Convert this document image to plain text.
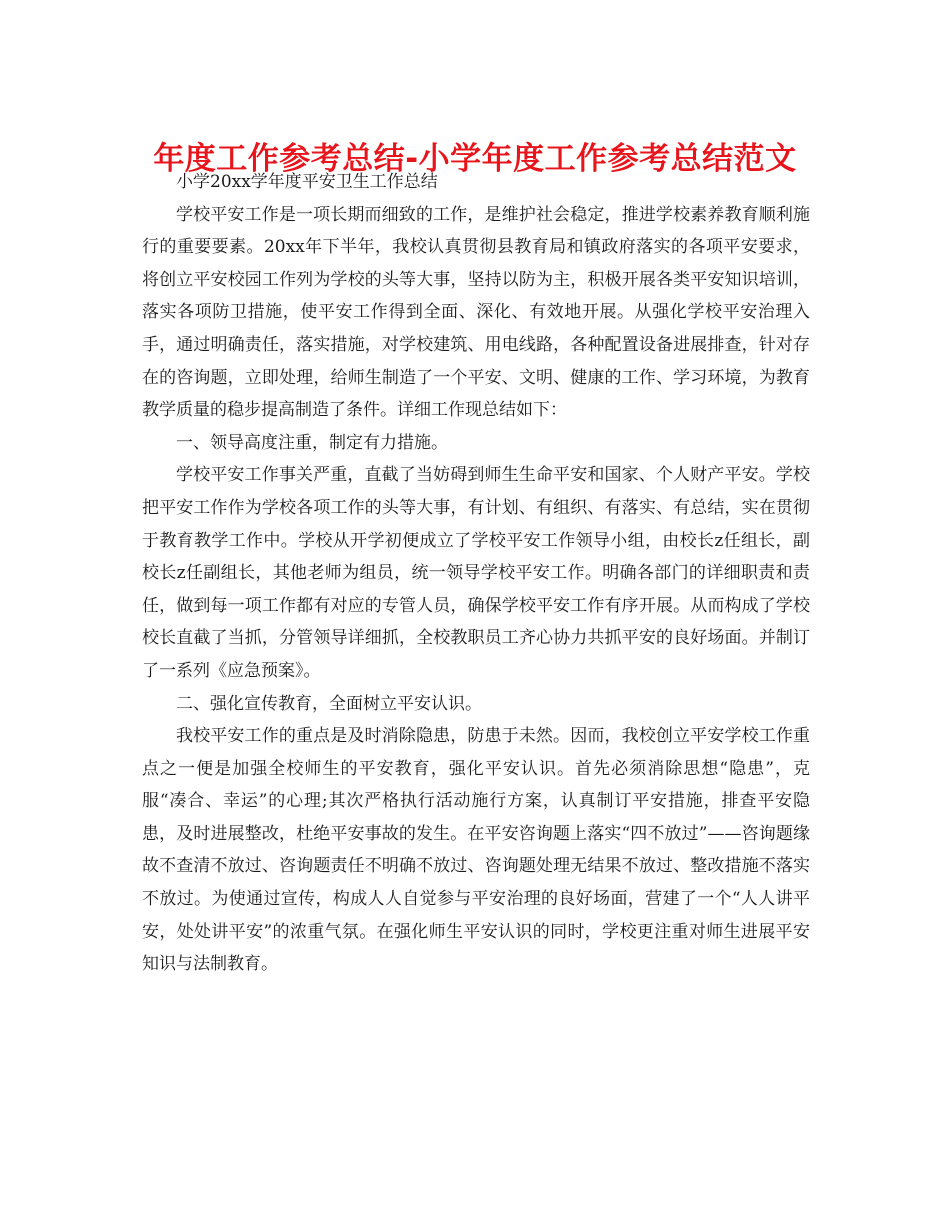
年度工作参考总结-小学年度工作参考总结范文

小学20xx学年度平安卫生工作总结

学校平安工作是一项长期而细致的工作，是维护社会稳定，推进学校素养教育顺利施行的重要要素。20xx年下半年，我校认真贯彻县教育局和镇政府落实的各项平安要求，将创立平安校园工作列为学校的头等大事，坚持以防为主，积极开展各类平安知识培训，落实各项防卫措施，使平安工作得到全面、深化、有效地开展。从强化学校平安治理入手，通过明确责任，落实措施，对学校建筑、用电线路，各种配置设备进展排查，针对存在的咨询题，立即处理，给师生制造了一个平安、文明、健康的工作、学习环境，为教育教学质量的稳步提高制造了条件。详细工作现总结如下：

一、领导高度注重，制定有力措施。

学校平安工作事关严重，直截了当妨碍到师生生命平安和国家、个人财产平安。学校把平安工作作为学校各项工作的头等大事，有计划、有组织、有落实、有总结，实在贯彻于教育教学工作中。学校从开学初便成立了学校平安工作领导小组，由校长z任组长，副校长z任副组长，其他老师为组员，统一领导学校平安工作。明确各部门的详细职责和责任，做到每一项工作都有对应的专管人员，确保学校平安工作有序开展。从而构成了学校校长直截了当抓，分管领导详细抓，全校教职员工齐心协力共抓平安的良好场面。并制订了一系列《应急预案》。

二、强化宣传教育，全面树立平安认识。

我校平安工作的重点是及时消除隐患，防患于未然。因而，我校创立平安学校工作重点之一便是加强全校师生的平安教育，强化平安认识。首先必须消除思想“隐患”，克服“凑合、幸运”的心理;其次严格执行活动施行方案，认真制订平安措施，排查平安隐患，及时进展整改，杜绝平安事故的发生。在平安咨询题上落实“四不放过”——咨询题缘故不查清不放过、咨询题责任不明确不放过、咨询题处理无结果不放过、整改措施不落实不放过。为使通过宣传，构成人人自觉参与平安治理的良好场面，营建了一个“人人讲平安，处处讲平安”的浓重气氛。在强化师生平安认识的同时，学校更注重对师生进展平安知识与法制教育。
